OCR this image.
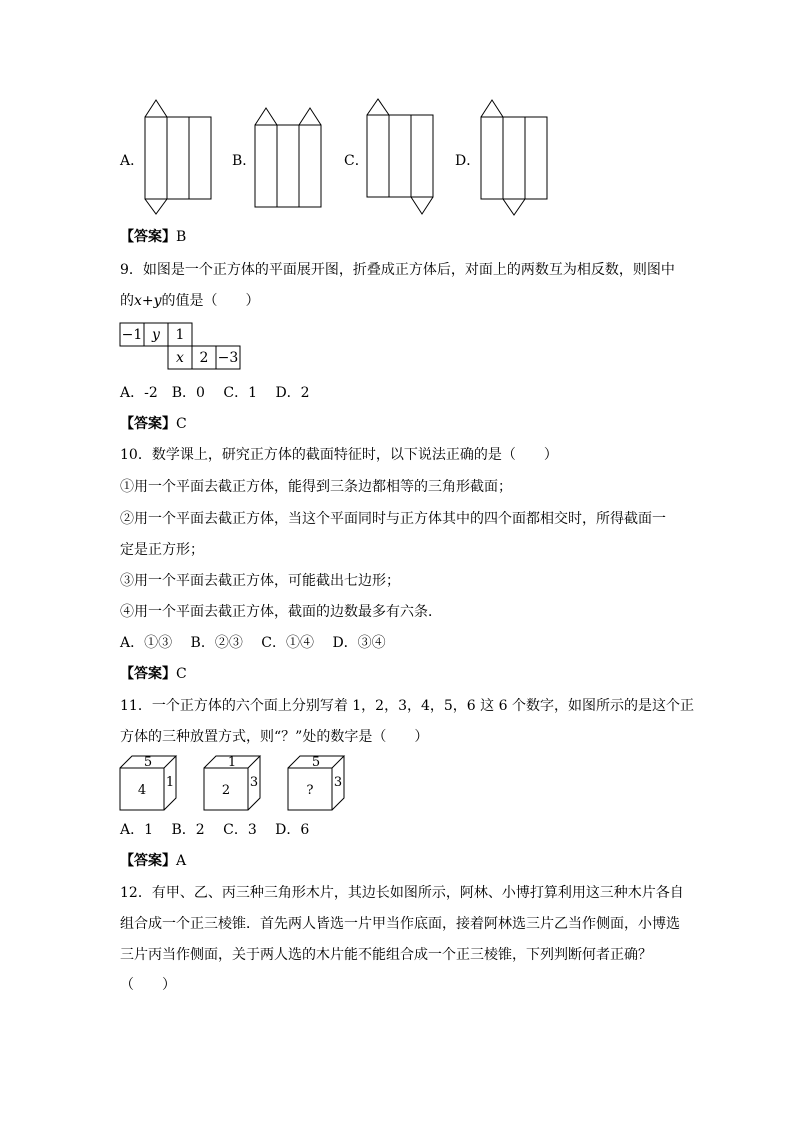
A．	B．	C．	D．
【答案】B
9．如图是一个正方体的平面展开图，折叠成正方体后，对面上的两数互为相反数，则图中
的x+y的值是（　　）
−1 y 1
x 2 −3
A．-2　B．0　 C．1　 D．2
【答案】C
10．数学课上，研究正方体的截面特征时，以下说法正确的是（　　）
①用一个平面去截正方体，能得到三条边都相等的三角形截面；
②用一个平面去截正方体，当这个平面同时与正方体其中的四个面都相交时，所得截面一
定是正方形；
③用一个平面去截正方体，可能截出七边形；
④用一个平面去截正方体，截面的边数最多有六条．
A．①③　 B．②③　 C．①④　 D．③④
【答案】C
11．一个正方体的六个面上分别写着 1，2，3，4，5，6 这 6 个数字，如图所示的是这个正
方体的三种放置方式，则“？”处的数字是（　　）
5
4
1
1
2
3
5
?
3
A．1　 B．2　 C．3　 D．6
【答案】A
12．有甲、乙、丙三种三角形木片，其边长如图所示，阿林、小博打算利用这三种木片各自
组合成一个正三棱锥．首先两人皆选一片甲当作底面，接着阿林选三片乙当作侧面，小博选
三片丙当作侧面，关于两人选的木片能不能组合成一个正三棱锥，下列判断何者正确？
（　　）
